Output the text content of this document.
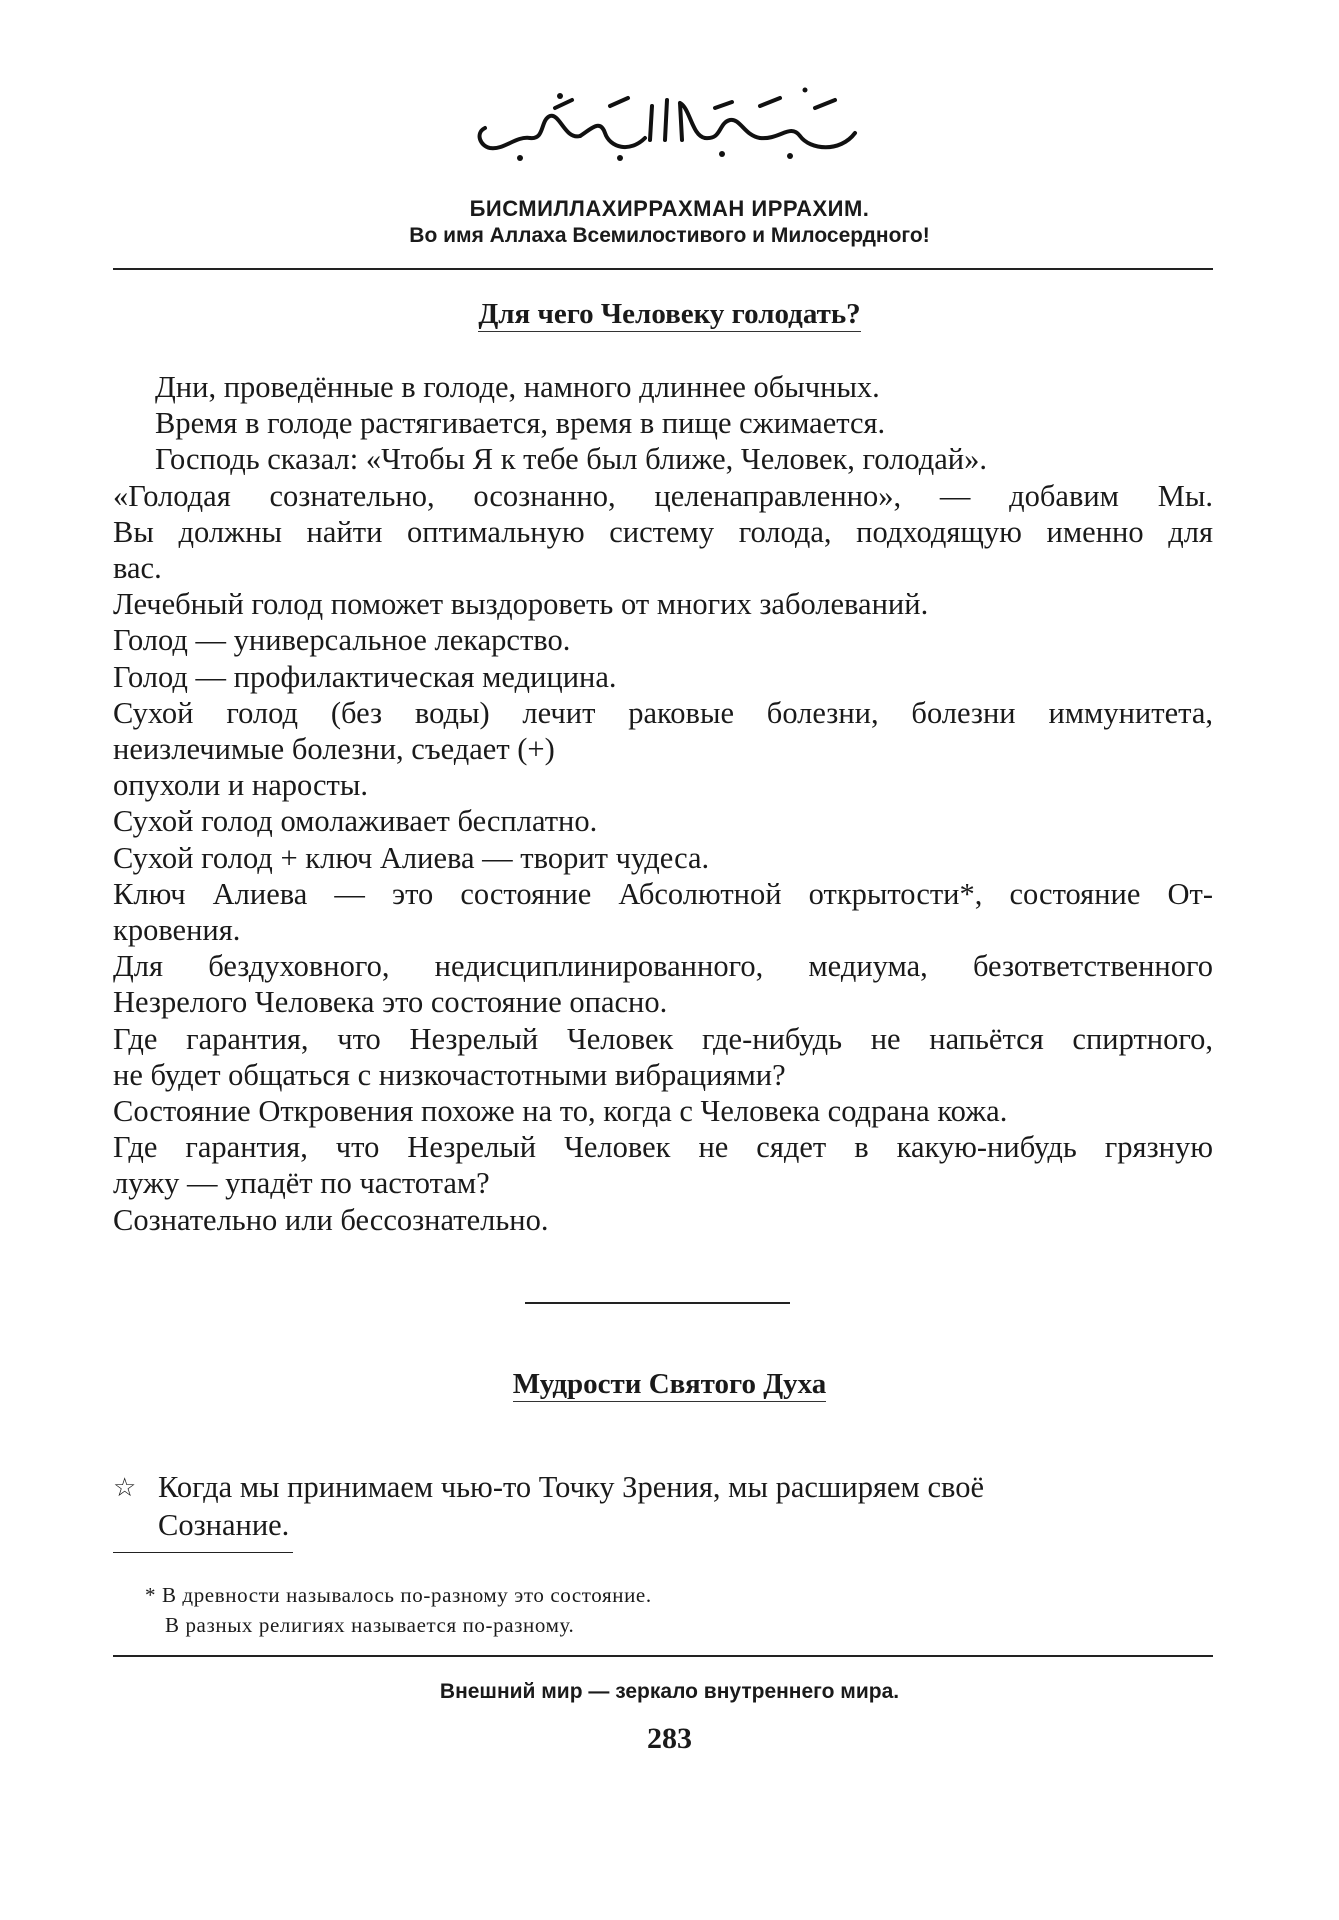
БИСМИЛЛАХИРРАХМАН ИРРАХИМ.
Во имя Аллаха Всемилостивого и Милосердного!
Для чего Человеку голодать?
Дни, проведённые в голоде, намного длиннее обычных.
Время в голоде растягивается, время в пище сжимается.
Господь сказал: «Чтобы Я к тебе был ближе, Человек, голодай».
«Голодая сознательно, осознанно, целенаправленно», — добавим Мы.
Вы должны найти оптимальную систему голода, подходящую именно для
вас.
Лечебный голод поможет выздороветь от многих заболеваний.
Голод — универсальное лекарство.
Голод — профилактическая медицина.
Сухой голод (без воды) лечит раковые болезни, болезни иммунитета,
неизлечимые болезни, съедает (+)
опухоли и наросты.
Сухой голод омолаживает бесплатно.
Сухой голод + ключ Алиева — творит чудеса.
Ключ Алиева — это состояние Абсолютной открытости*, состояние От-
кровения.
Для бездуховного, недисциплинированного, медиума, безответственного
Незрелого Человека это состояние опасно.
Где гарантия, что Незрелый Человек где-нибудь не напьётся спиртного,
не будет общаться с низкочастотными вибрациями?
Состояние Откровения похоже на то, когда с Человека содрана кожа.
Где гарантия, что Незрелый Человек не сядет в какую-нибудь грязную
лужу — упадёт по частотам?
Сознательно или бессознательно.
Мудрости Святого Духа
☆ Когда мы принимаем чью-то Точку Зрения, мы расширяем своё
Сознание.
* В древности называлось по-разному это состояние.
В разных религиях называется по-разному.
Внешний мир — зеркало внутреннего мира.
283
